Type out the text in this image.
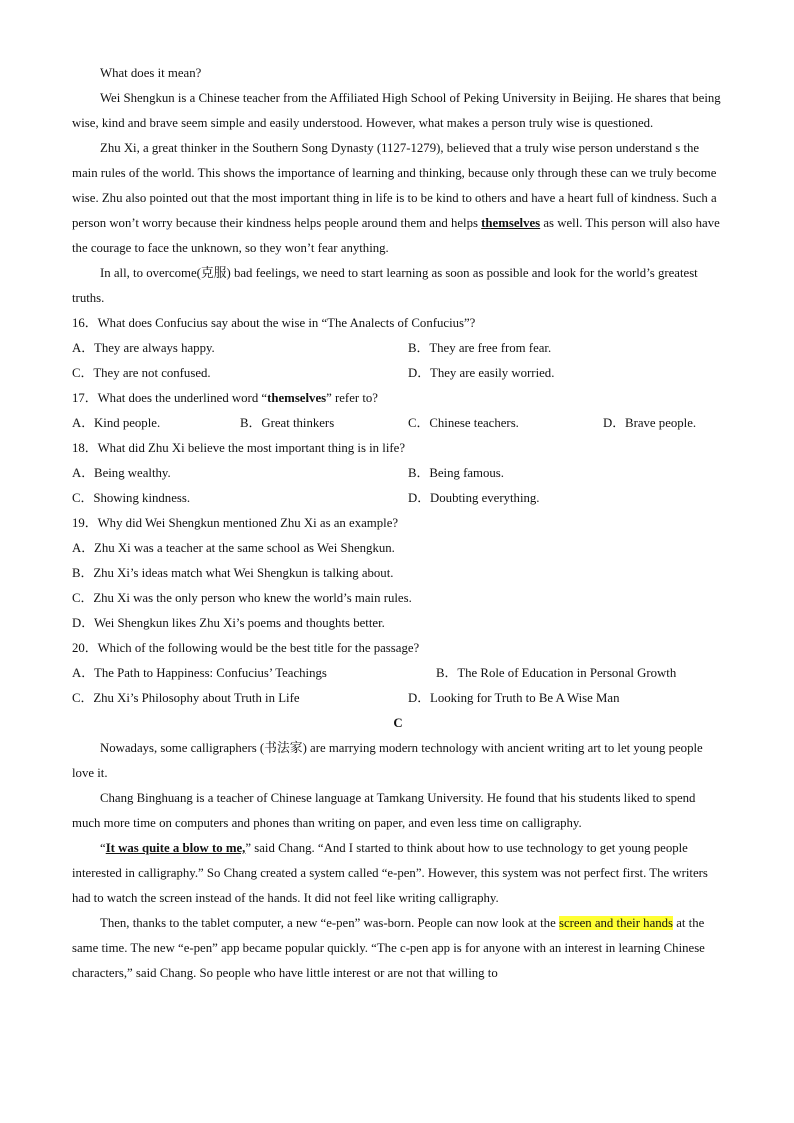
What does it mean?

Wei Shengkun is a Chinese teacher from the Affiliated High School of Peking University in Beijing. He shares that being wise, kind and brave seem simple and easily understood. However, what makes a person truly wise is questioned.

Zhu Xi, a great thinker in the Southern Song Dynasty (1127-1279), believed that a truly wise person understand s the main rules of the world. This shows the importance of learning and thinking, because only through these can we truly become wise. Zhu also pointed out that the most important thing in life is to be kind to others and have a heart full of kindness. Such a person won’t worry because their kindness helps people around them and helps themselves as well. This person will also have the courage to face the unknown, so they won’t fear anything.

In all, to overcome(克服) bad feelings, we need to start learning as soon as possible and look for the world’s greatest truths.

16．What does Confucius say about the wise in “The Analects of Confucius”?

A．They are always happy.	B．They are free from fear.
C．They are not confused.	D．They are easily worried.

17．What does the underlined word “themselves” refer to?

A．Kind people.	B．Great thinkers	C．Chinese teachers.	D．Brave people.

18．What did Zhu Xi believe the most important thing is in life?

A．Being wealthy.	B．Being famous.
C．Showing kindness.	D．Doubting everything.

19．Why did Wei Shengkun mentioned Zhu Xi as an example?

A．Zhu Xi was a teacher at the same school as Wei Shengkun.

B．Zhu Xi’s ideas match what Wei Shengkun is talking about.

C．Zhu Xi was the only person who knew the world’s main rules.

D．Wei Shengkun likes Zhu Xi’s poems and thoughts better.

20．Which of the following would be the best title for the passage?

A．The Path to Happiness: Confucius’ Teachings	B．The Role of Education in Personal Growth
C．Zhu Xi’s Philosophy about Truth in Life	D．Looking for Truth to Be A Wise Man

C

Nowadays, some calligraphers (书法家) are marrying modern technology with ancient writing art to let young people love it.

Chang Binghuang is a teacher of Chinese language at Tamkang University. He found that his students liked to spend much more time on computers and phones than writing on paper, and even less time on calligraphy.

“It was quite a blow to me,” said Chang. “And I started to think about how to use technology to get young people interested in calligraphy.” So Chang created a system called “e-pen”. However, this system was not perfect first. The writers had to watch the screen instead of the hands. It did not feel like writing calligraphy.

Then, thanks to the tablet computer, a new “e-pen” was-born. People can now look at the screen and their hands at the same time. The new “e-pen” app became popular quickly. “The c-pen app is for anyone with an interest in learning Chinese characters,” said Chang. So people who have little interest or are not that willing to
